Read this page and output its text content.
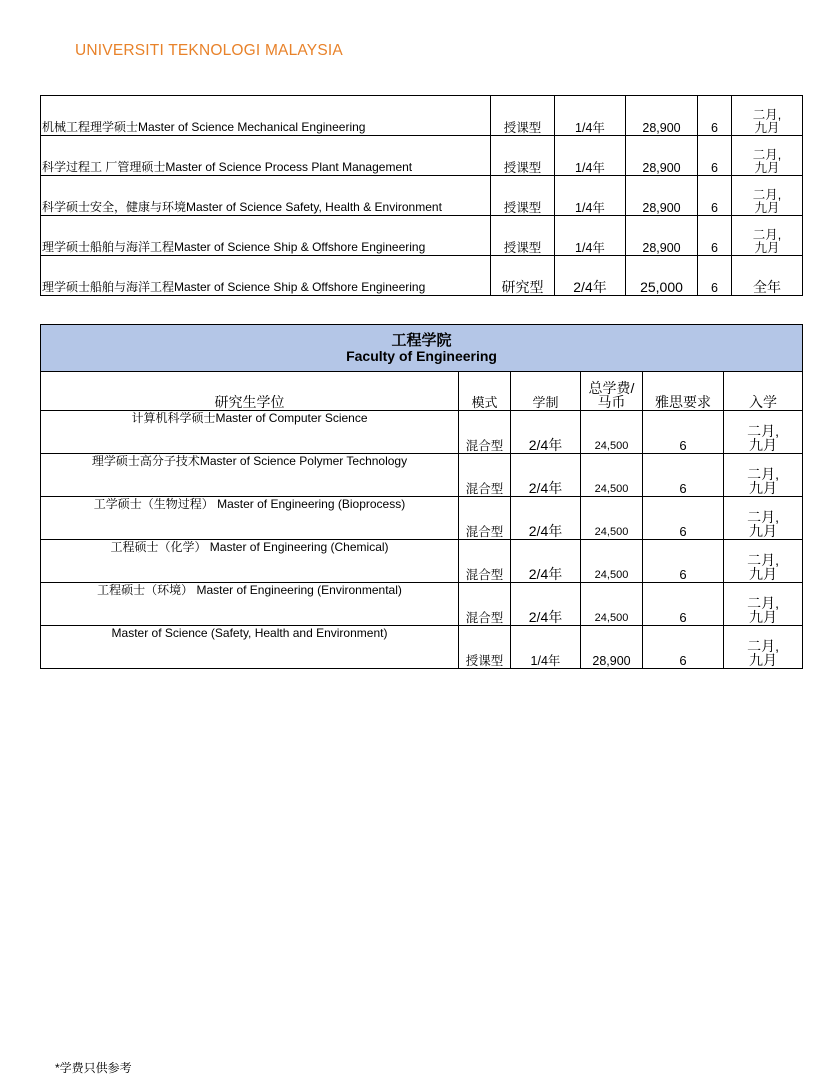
UNIVERSITI TEKNOLOGI MALAYSIA
机械工程理学硕士Master of Science Mechanical Engineering	授课型	1/4年	28,900	6	二月,
九月
科学过程工 厂管理硕士Master of Science Process Plant Management	授课型	1/4年	28,900	6	二月,
九月
科学硕士安全，健康与环境Master of Science Safety, Health & Environment	授课型	1/4年	28,900	6	二月,
九月
理学硕士船舶与海洋工程Master of Science Ship & Offshore Engineering	授课型	1/4年	28,900	6	二月,
九月
理学硕士船舶与海洋工程Master of Science Ship & Offshore Engineering	研究型	2/4年	25,000	6	全年
工程学院
Faculty of Engineering					

研究生学位	模式	学制	总学费/
马币	雅思要求	入学
计算机科学硕士Master of Computer Science	混合型	2/4年	24,500	6	二月,
九月
理学硕士高分子技术Master of Science Polymer Technology	混合型	2/4年	24,500	6	二月,
九月
工学硕士（生物过程） Master of Engineering (Bioprocess)	混合型	2/4年	24,500	6	二月,
九月
工程硕士（化学） Master of Engineering (Chemical)	混合型	2/4年	24,500	6	二月,
九月
工程硕士（环境） Master of Engineering (Environmental)	混合型	2/4年	24,500	6	二月,
九月
Master of Science (Safety, Health and Environment)	授课型	1/4年	28,900	6	二月,
九月
*学费只供参考
